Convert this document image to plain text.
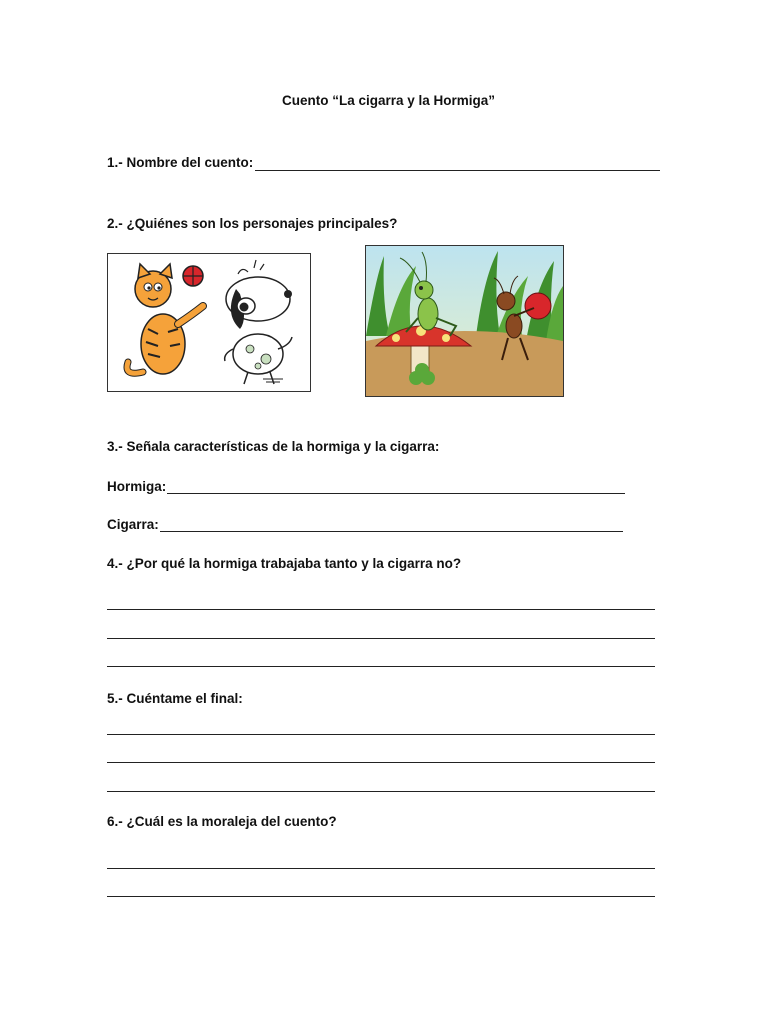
Cuento “La cigarra y la Hormiga”
1.- Nombre del cuento:
2.- ¿Quiénes son los personajes principales?
3.- Señala características de la hormiga y la cigarra:
Hormiga:
Cigarra:
4.- ¿Por qué la hormiga trabajaba tanto y la cigarra no?
5.- Cuéntame el final:
6.- ¿Cuál es la moraleja del cuento?
